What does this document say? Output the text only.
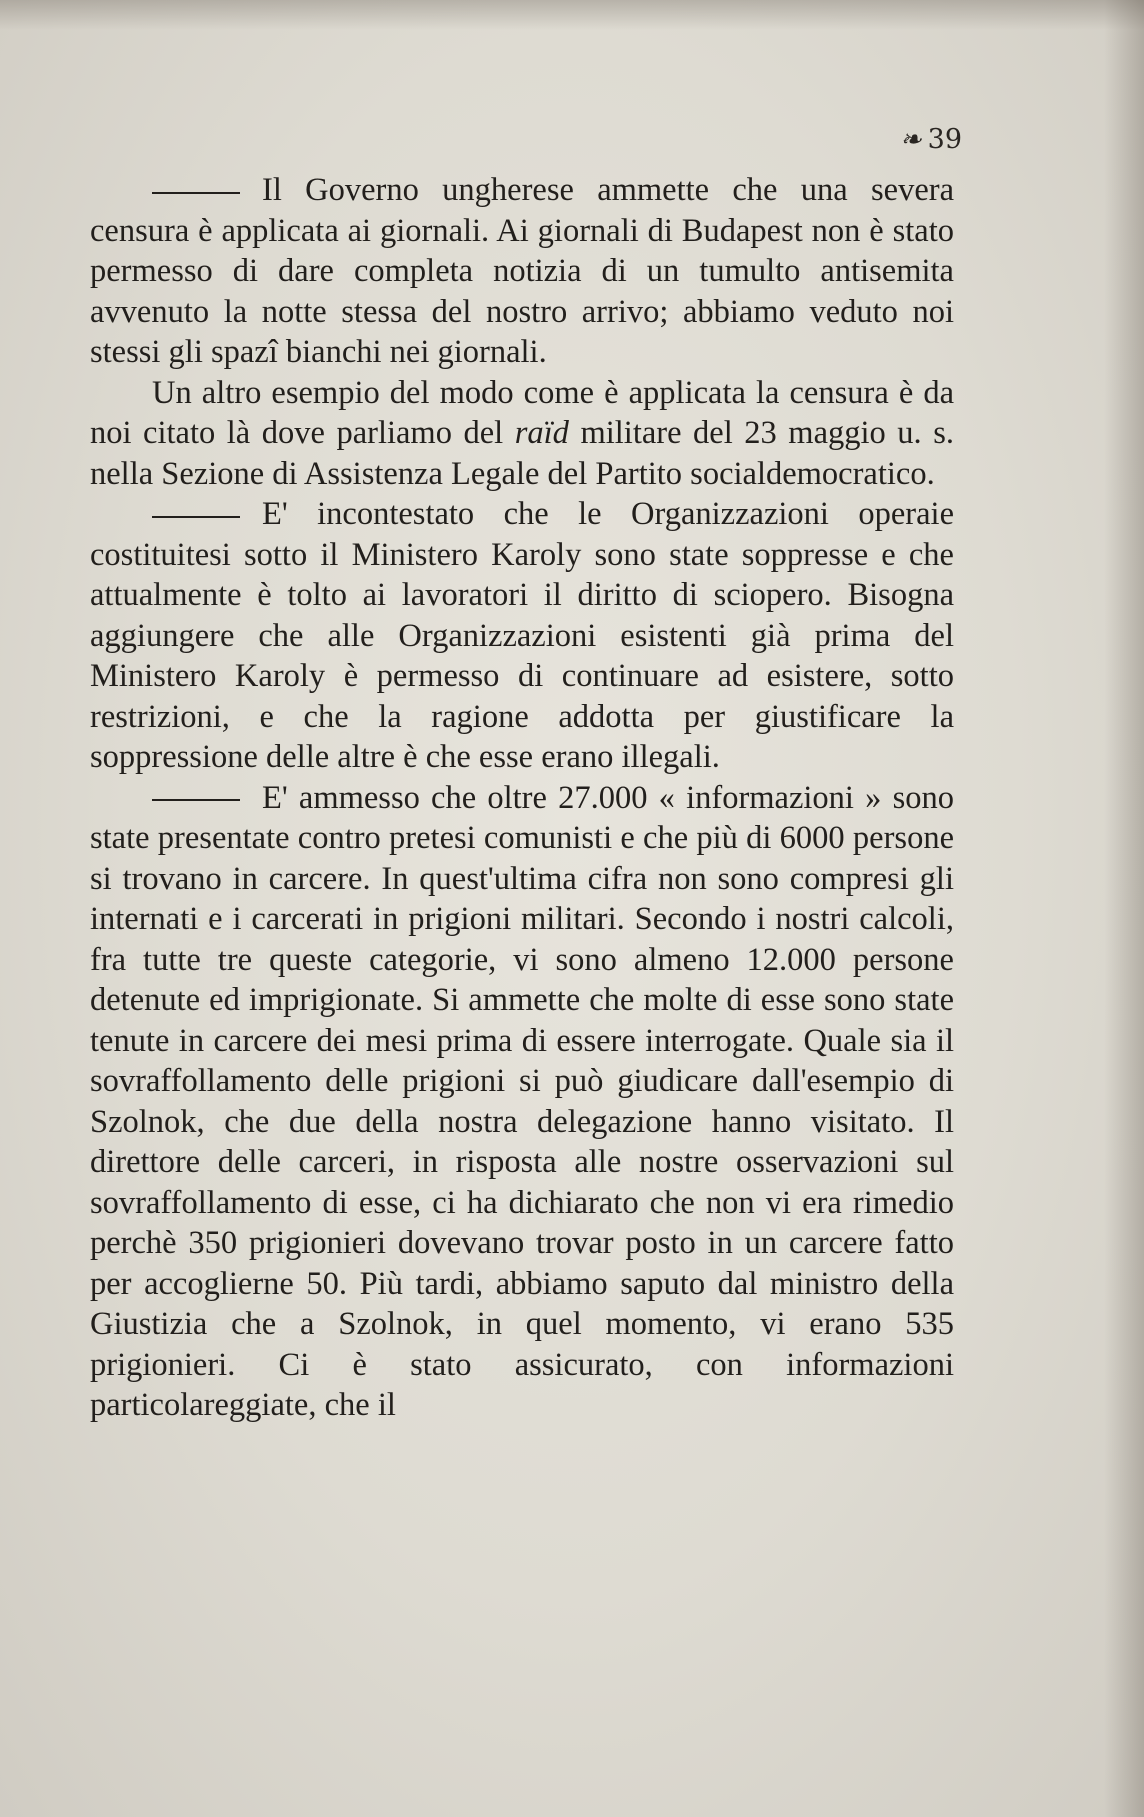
❧ 39

Il Governo ungherese ammette che una severa censura è applicata ai giornali. Ai giornali di Budapest non è stato permesso di dare completa notizia di un tumulto antisemita avvenuto la notte stessa del nostro arrivo; abbiamo veduto noi stessi gli spazî bianchi nei giornali.

Un altro esempio del modo come è applicata la censura è da noi citato là dove parliamo del raïd militare del 23 maggio u. s. nella Sezione di Assistenza Legale del Partito socialdemocratico.

E' incontestato che le Organizzazioni operaie costituitesi sotto il Ministero Karoly sono state soppresse e che attualmente è tolto ai lavoratori il diritto di sciopero. Bisogna aggiungere che alle Organizzazioni esistenti già prima del Ministero Karoly è permesso di continuare ad esistere, sotto restrizioni, e che la ragione addotta per giustificare la soppressione delle altre è che esse erano illegali.

E' ammesso che oltre 27.000 « informazioni » sono state presentate contro pretesi comunisti e che più di 6000 persone si trovano in carcere. In quest'ultima cifra non sono compresi gli internati e i carcerati in prigioni militari. Secondo i nostri calcoli, fra tutte tre queste categorie, vi sono almeno 12.000 persone detenute ed imprigionate. Si ammette che molte di esse sono state tenute in carcere dei mesi prima di essere interrogate. Quale sia il sovraffollamento delle prigioni si può giudicare dall'esempio di Szolnok, che due della nostra delegazione hanno visitato. Il direttore delle carceri, in risposta alle nostre osservazioni sul sovraffollamento di esse, ci ha dichiarato che non vi era rimedio perchè 350 prigionieri dovevano trovar posto in un carcere fatto per accoglierne 50. Più tardi, abbiamo saputo dal ministro della Giustizia che a Szolnok, in quel momento, vi erano 535 prigionieri. Ci è stato assicurato, con informazioni particolareggiate, che il
